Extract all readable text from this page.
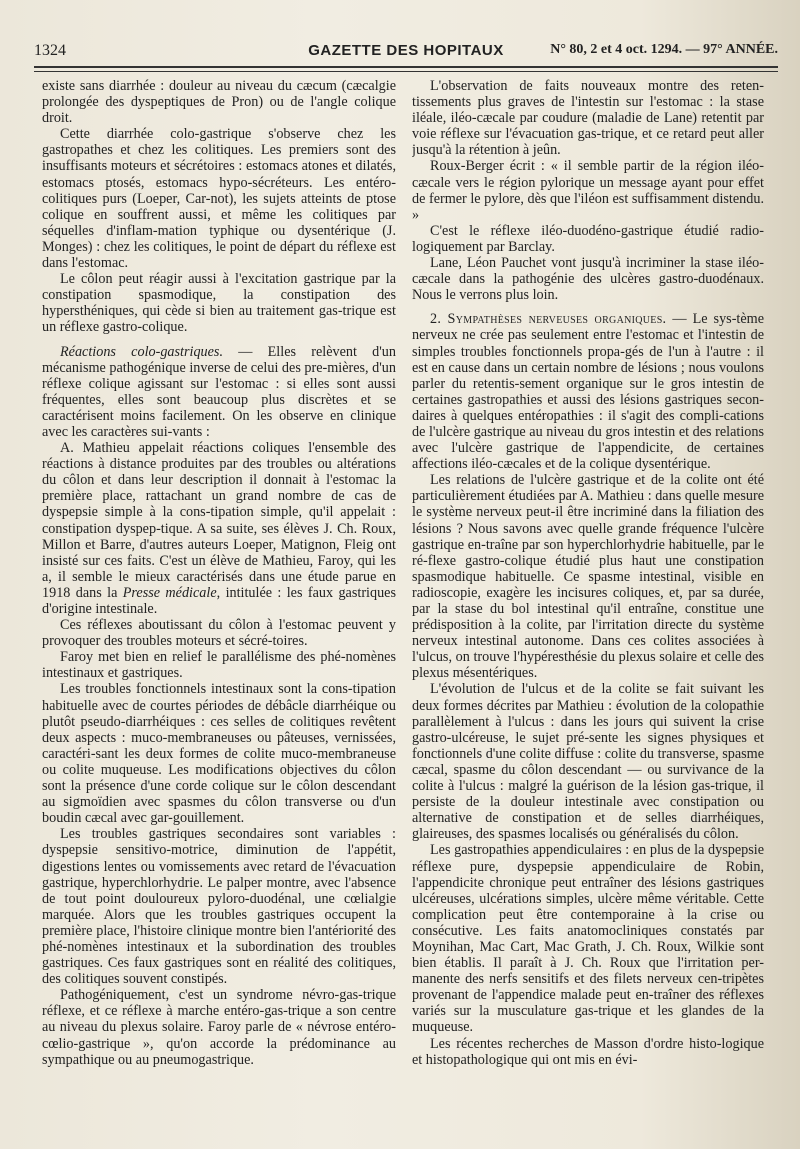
1324	GAZETTE DES HOPITAUX	N° 80, 2 et 4 oct. 1294. — 97° ANNÉE.

existe sans diarrhée : douleur au niveau du cæcum (cæcalgie prolongée des dyspeptiques de Pron) ou de l'angle colique droit.

Cette diarrhée colo-gastrique s'observe chez les gastropathes et chez les colitiques. Les premiers sont des insuffisants moteurs et sécrétoires : estomacs atones et dilatés, estomacs ptosés, estomacs hypo-sécréteurs. Les entéro-colitiques purs (Loeper, Car-not), les sujets atteints de ptose colique en souffrent aussi, et même les colitiques par séquelles d'inflam-mation typhique ou dysentérique (J. Monges) : chez les colitiques, le point de départ du réflexe est dans l'estomac.

Le côlon peut réagir aussi à l'excitation gastrique par la constipation spasmodique, la constipation des hypersthéniques, qui cède si bien au traitement gas-trique est un réflexe gastro-colique.

Réactions colo-gastriques. — Elles relèvent d'un mécanisme pathogénique inverse de celui des pre-mières, d'un réflexe colique agissant sur l'estomac : si elles sont aussi fréquentes, elles sont beaucoup plus discrètes et se caractérisent moins facilement. On les observe en clinique avec les caractères sui-vants :

A. Mathieu appelait réactions coliques l'ensemble des réactions à distance produites par des troubles ou altérations du côlon et dans leur description il donnait à l'estomac la première place, rattachant un grand nombre de cas de dyspepsie simple à la cons-tipation simple, qu'il appelait : constipation dyspep-tique. A sa suite, ses élèves J. Ch. Roux, Millon et Barre, d'autres auteurs Loeper, Matignon, Fleig ont insisté sur ces faits. C'est un élève de Mathieu, Faroy, qui les a, il semble le mieux caractérisés dans une étude parue en 1918 dans la Presse médicale, intitulée : les faux gastriques d'origine intestinale.

Ces réflexes aboutissant du côlon à l'estomac peuvent y provoquer des troubles moteurs et sécré-toires.

Faroy met bien en relief le parallélisme des phé-nomènes intestinaux et gastriques.

Les troubles fonctionnels intestinaux sont la cons-tipation habituelle avec de courtes périodes de débâcle diarrhéique ou plutôt pseudo-diarrhéiques : ces selles de colitiques revêtent deux aspects : muco-membraneuses ou pâteuses, vernissées, caractéri-sant les deux formes de colite muco-membraneuse ou colite muqueuse. Les modifications objectives du côlon sont la présence d'une corde colique sur le côlon descendant au sigmoïdien avec spasmes du côlon transverse ou d'un boudin cæcal avec gar-gouillement.

Les troubles gastriques secondaires sont variables : dyspepsie sensitivo-motrice, diminution de l'appétit, digestions lentes ou vomissements avec retard de l'évacuation gastrique, hyperchlorhydrie. Le palper montre, avec l'absence de tout point douloureux pyloro-duodénal, une cœlialgie marquée. Alors que les troubles gastriques occupent la première place, l'histoire clinique montre bien l'antériorité des phé-nomènes intestinaux et la subordination des troubles gastriques. Ces faux gastriques sont en réalité des colitiques, des colitiques souvent constipés.

Pathogéniquement, c'est un syndrome névro-gas-trique réflexe, et ce réflexe à marche entéro-gas-trique a son centre au niveau du plexus solaire. Faroy parle de « névrose entéro-cœlio-gastrique », qu'on accorde la prédominance au sympathique ou au pneumogastrique.

L'observation de faits nouveaux montre des reten-tissements plus graves de l'intestin sur l'estomac : la stase iléale, iléo-cæcale par coudure (maladie de Lane) retentit par voie réflexe sur l'évacuation gas-trique, et ce retard peut aller jusqu'à la rétention à jeûn.

Roux-Berger écrit : « il semble partir de la région iléo-cæcale vers le région pylorique un message ayant pour effet de fermer le pylore, dès que l'iléon est suffisamment distendu. »

C'est le réflexe iléo-duodéno-gastrique étudié radio-logiquement par Barclay.

Lane, Léon Pauchet vont jusqu'à incriminer la stase iléo-cæcale dans la pathogénie des ulcères gastro-duodénaux. Nous le verrons plus loin.

2. Sympathèses nerveuses organiques. — Le sys-tème nerveux ne crée pas seulement entre l'estomac et l'intestin de simples troubles fonctionnels propa-gés de l'un à l'autre : il est en cause dans un certain nombre de lésions ; nous voulons parler du retentis-sement organique sur le gros intestin de certaines gastropathies et aussi des lésions gastriques secon-daires à quelques entéropathies : il s'agit des compli-cations de l'ulcère gastrique au niveau du gros intestin et des relations avec l'ulcère gastrique de l'appendicite, de certaines affections iléo-cæcales et de la colique dysentérique.

Les relations de l'ulcère gastrique et de la colite ont été particulièrement étudiées par A. Mathieu : dans quelle mesure le système nerveux peut-il être incriminé dans la filiation des lésions ? Nous savons avec quelle grande fréquence l'ulcère gastrique en-traîne par son hyperchlorhydrie habituelle, par le ré-flexe gastro-colique étudié plus haut une constipation spasmodique habituelle. Ce spasme intestinal, visible en radioscopie, exagère les incisures coliques, et, par sa durée, par la stase du bol intestinal qu'il entraîne, constitue une prédisposition à la colite, par l'irritation directe du système nerveux intestinal autonome. Dans ces colites associées à l'ulcus, on trouve l'hypéresthésie du plexus solaire et celle des plexus mésentériques.

L'évolution de l'ulcus et de la colite se fait suivant les deux formes décrites par Mathieu : évolution de la colopathie parallèlement à l'ulcus : dans les jours qui suivent la crise gastro-ulcéreuse, le sujet pré-sente les signes physiques et fonctionnels d'une colite diffuse : colite du transverse, spasme cæcal, spasme du côlon descendant — ou survivance de la colite à l'ulcus : malgré la guérison de la lésion gas-trique, il persiste de la douleur intestinale avec constipation ou alternative de constipation et de selles diarrhéiques, glaireuses, des spasmes localisés ou généralisés du côlon.

Les gastropathies appendiculaires : en plus de la dyspepsie réflexe pure, dyspepsie appendiculaire de Robin, l'appendicite chronique peut entraîner des lésions gastriques ulcéreuses, ulcérations simples, ulcère même véritable. Cette complication peut être contemporaine à la crise ou consécutive. Les faits anatomocliniques constatés par Moynihan, Mac Cart, Mac Grath, J. Ch. Roux, Wilkie sont bien établis. Il paraît à J. Ch. Roux que l'irritation per-manente des nerfs sensitifs et des filets nerveux cen-tripètes provenant de l'appendice malade peut en-traîner des réflexes variés sur la musculature gas-trique et les glandes de la muqueuse.

Les récentes recherches de Masson d'ordre histo-logique et histopathologique qui ont mis en évi-
